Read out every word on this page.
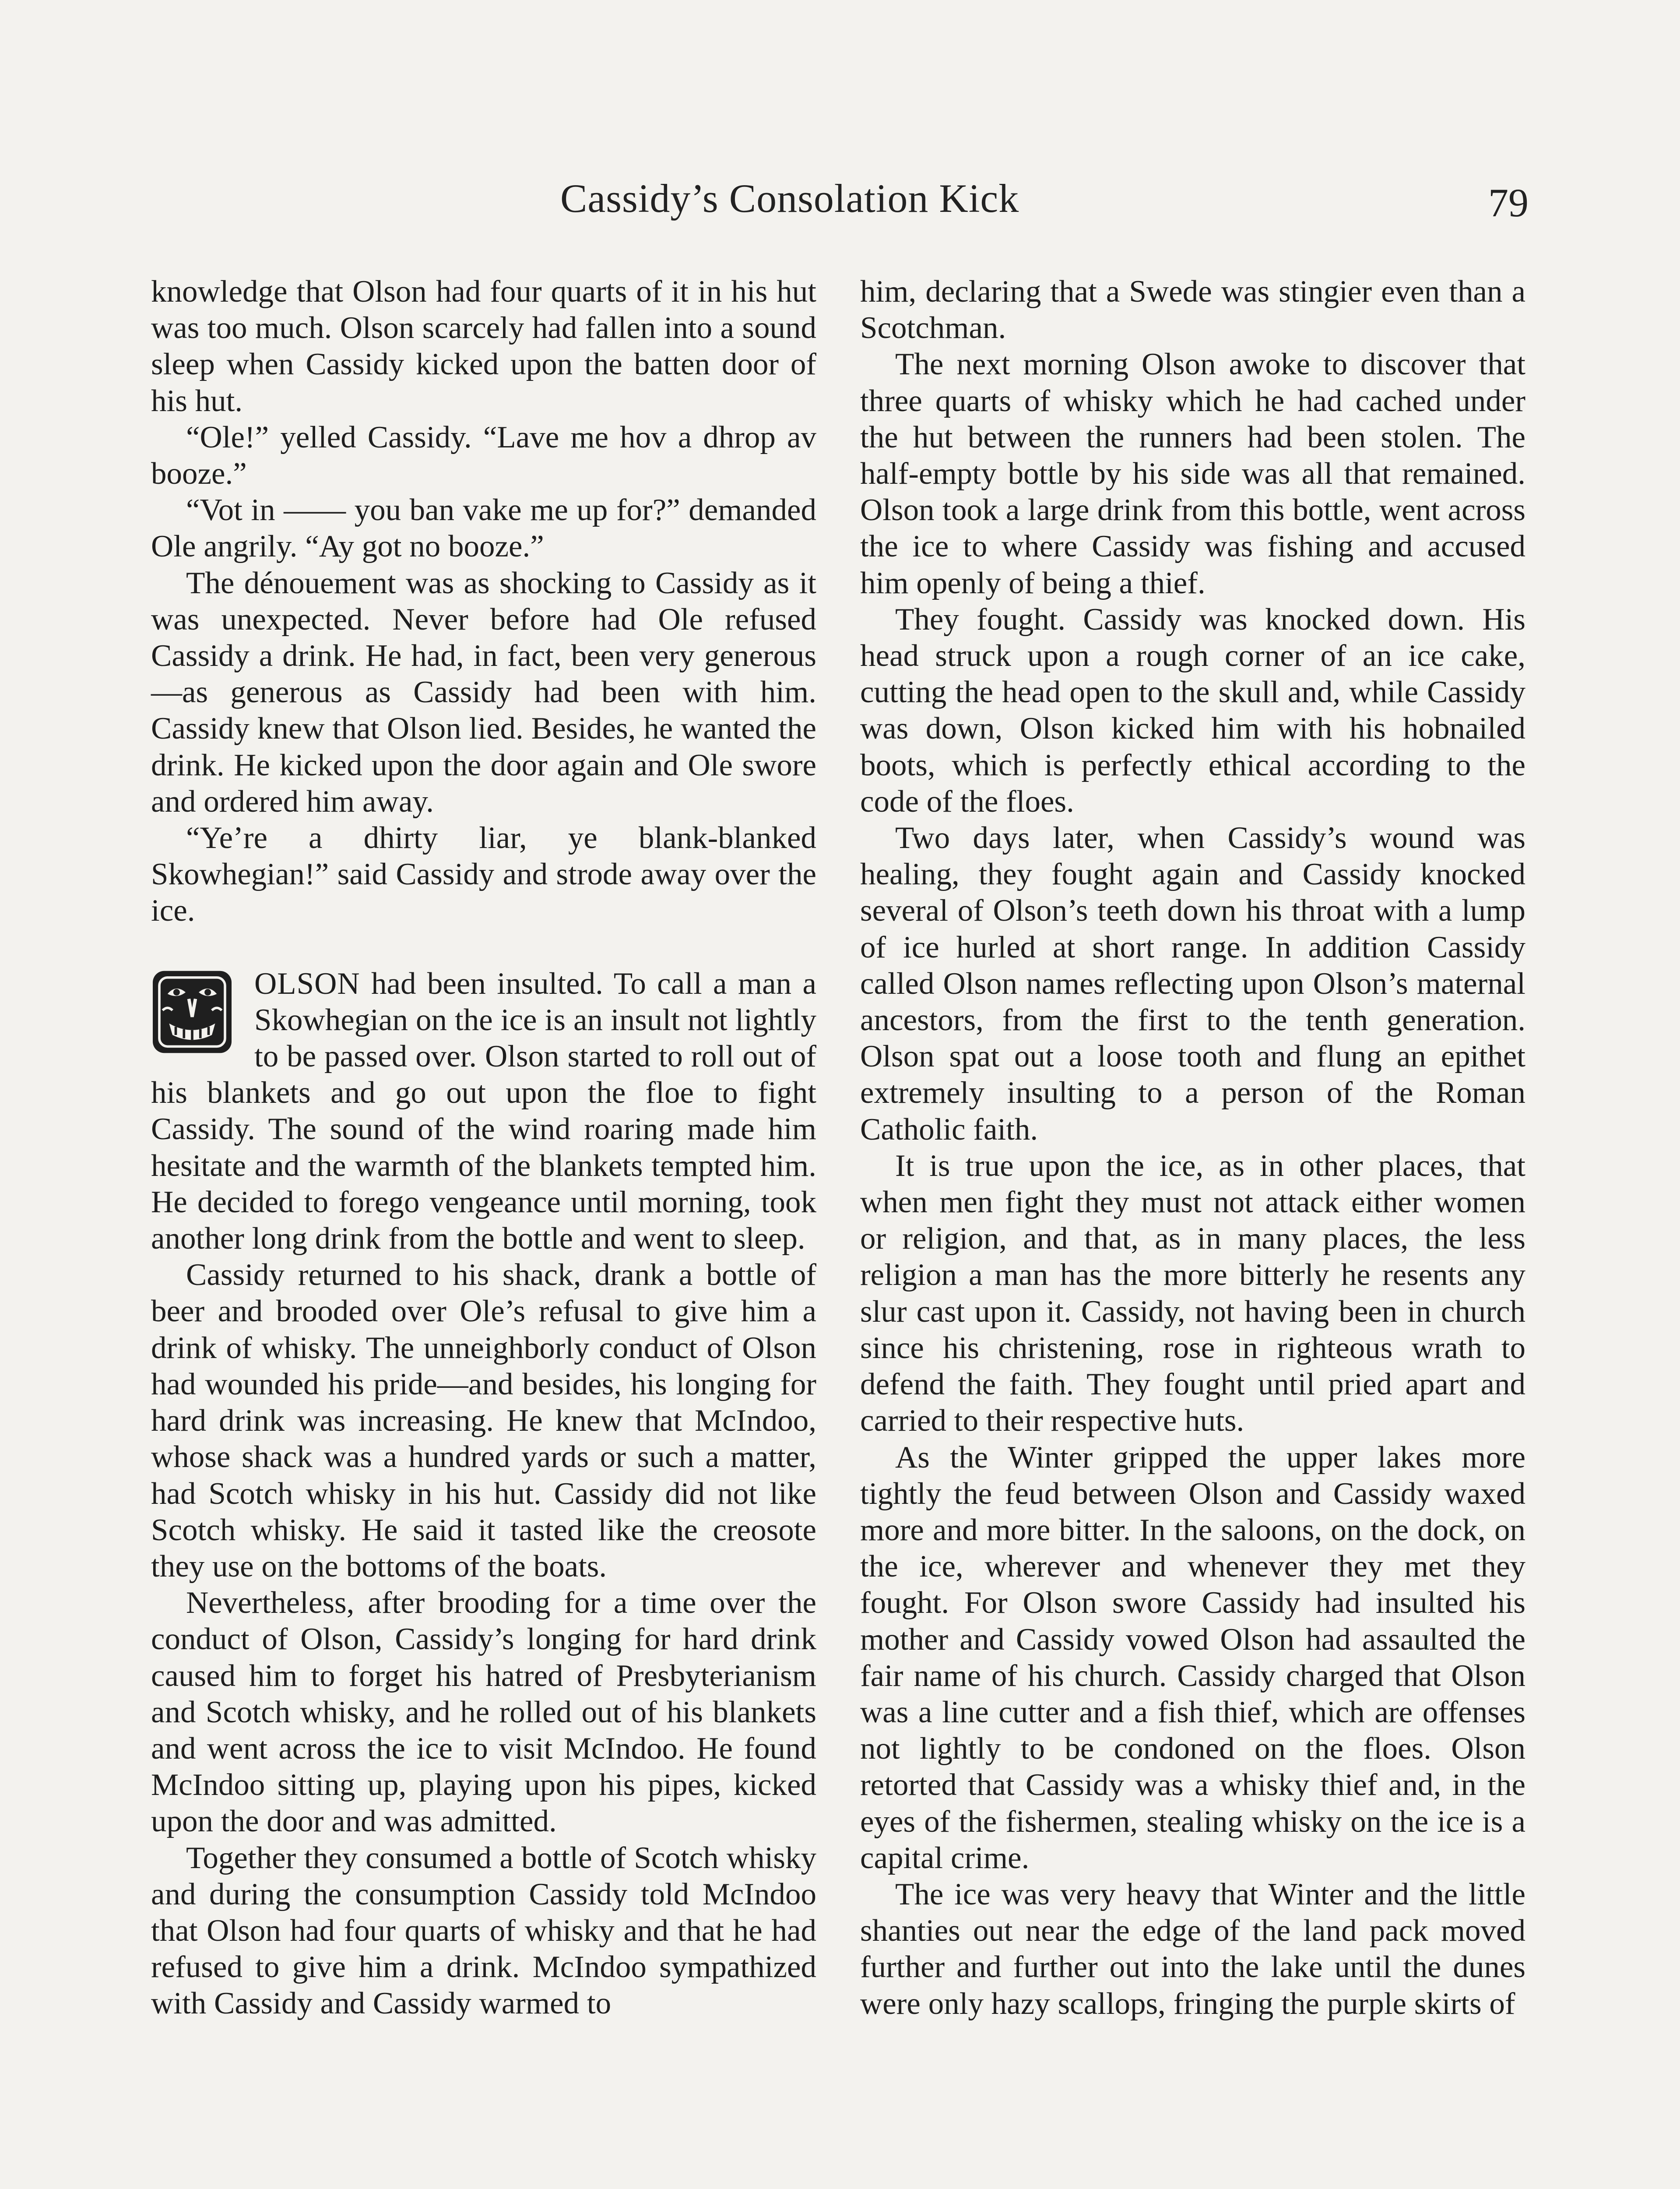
Cassidy’s Consolation Kick	79

knowledge that Olson had four quarts of it in his hut was too much. Olson scarcely had fallen into a sound sleep when Cassidy kicked upon the batten door of his hut.

“Ole!” yelled Cassidy. “Lave me hov a dhrop av booze.”

“Vot in —— you ban vake me up for?” demanded Ole angrily. “Ay got no booze.”

The dénouement was as shocking to Cassidy as it was unexpected. Never before had Ole refused Cassidy a drink. He had, in fact, been very generous—as generous as Cassidy had been with him. Cassidy knew that Olson lied. Besides, he wanted the drink. He kicked upon the door again and Ole swore and ordered him away.

“Ye’re a dhirty liar, ye blank-blanked Skowhegian!” said Cassidy and strode away over the ice.

OLSON had been insulted. To call a man a Skowhegian on the ice is an insult not lightly to be passed over. Olson started to roll out of his blankets and go out upon the floe to fight Cassidy. The sound of the wind roaring made him hesitate and the warmth of the blankets tempted him. He decided to forego vengeance until morning, took another long drink from the bottle and went to sleep.

Cassidy returned to his shack, drank a bottle of beer and brooded over Ole’s refusal to give him a drink of whisky. The unneighborly conduct of Olson had wounded his pride—and besides, his longing for hard drink was increasing. He knew that McIndoo, whose shack was a hundred yards or such a matter, had Scotch whisky in his hut. Cassidy did not like Scotch whisky. He said it tasted like the creosote they use on the bottoms of the boats.

Nevertheless, after brooding for a time over the conduct of Olson, Cassidy’s longing for hard drink caused him to forget his hatred of Presbyterianism and Scotch whisky, and he rolled out of his blankets and went across the ice to visit McIndoo. He found McIndoo sitting up, playing upon his pipes, kicked upon the door and was admitted.

Together they consumed a bottle of Scotch whisky and during the consumption Cassidy told McIndoo that Olson had four quarts of whisky and that he had refused to give him a drink. McIndoo sympathized with Cassidy and Cassidy warmed to

him, declaring that a Swede was stingier even than a Scotchman.

The next morning Olson awoke to discover that three quarts of whisky which he had cached under the hut between the runners had been stolen. The half-empty bottle by his side was all that remained. Olson took a large drink from this bottle, went across the ice to where Cassidy was fishing and accused him openly of being a thief.

They fought. Cassidy was knocked down. His head struck upon a rough corner of an ice cake, cutting the head open to the skull and, while Cassidy was down, Olson kicked him with his hobnailed boots, which is perfectly ethical according to the code of the floes.

Two days later, when Cassidy’s wound was healing, they fought again and Cassidy knocked several of Olson’s teeth down his throat with a lump of ice hurled at short range. In addition Cassidy called Olson names reflecting upon Olson’s maternal ancestors, from the first to the tenth generation. Olson spat out a loose tooth and flung an epithet extremely insulting to a person of the Roman Catholic faith.

It is true upon the ice, as in other places, that when men fight they must not attack either women or religion, and that, as in many places, the less religion a man has the more bitterly he resents any slur cast upon it. Cassidy, not having been in church since his christening, rose in righteous wrath to defend the faith. They fought until pried apart and carried to their respective huts.

As the Winter gripped the upper lakes more tightly the feud between Olson and Cassidy waxed more and more bitter. In the saloons, on the dock, on the ice, wherever and whenever they met they fought. For Olson swore Cassidy had insulted his mother and Cassidy vowed Olson had assaulted the fair name of his church. Cassidy charged that Olson was a line cutter and a fish thief, which are offenses not lightly to be condoned on the floes. Olson retorted that Cassidy was a whisky thief and, in the eyes of the fishermen, stealing whisky on the ice is a capital crime.

The ice was very heavy that Winter and the little shanties out near the edge of the land pack moved further and further out into the lake until the dunes were only hazy scallops, fringing the purple skirts of
